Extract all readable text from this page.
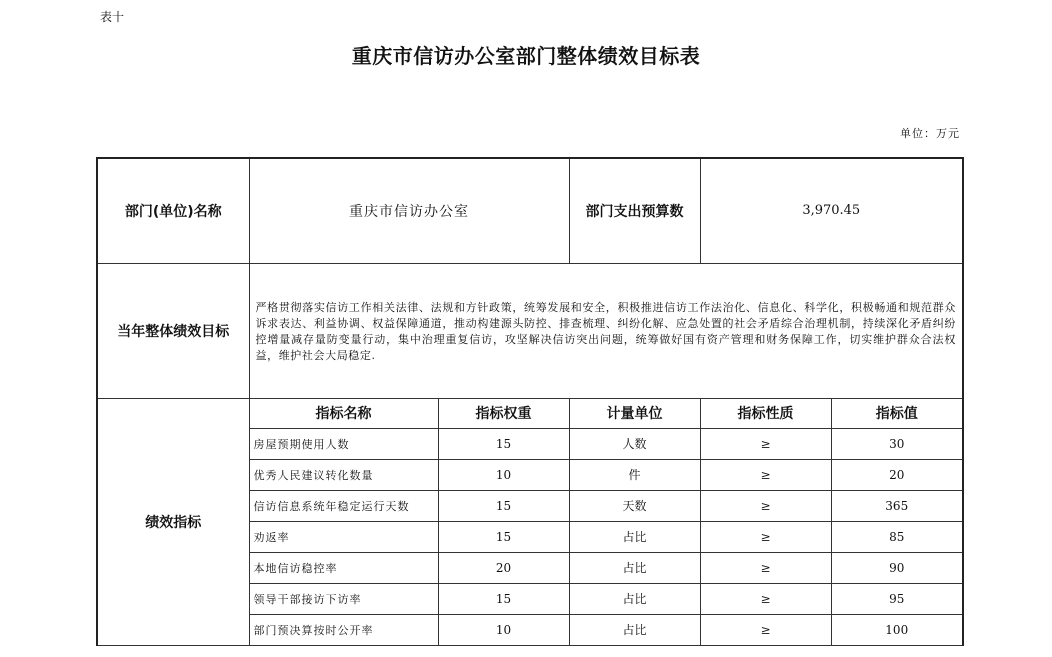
表十
重庆市信访办公室部门整体绩效目标表
单位：万元
部门(单位)名称	重庆市信访办公室		部门支出预算数	3,970.45	
当年整体绩效目标	严格贯彻落实信访工作相关法律、法规和方针政策，统筹发展和安全，积极推进信访工作法治化、信息化、科学化，积极畅通和规范群众诉求表达、利益协调、权益保障通道，推动构建源头防控、排查梳理、纠纷化解、应急处置的社会矛盾综合治理机制，持续深化矛盾纠纷控增量减存量防变量行动，集中治理重复信访，攻坚解决信访突出问题，统筹做好国有资产管理和财务保障工作，切实维护群众合法权益，维护社会大局稳定.				
绩效指标	指标名称	指标权重	计量单位	指标性质	指标值
	房屋预期使用人数	15	人数	≥	30
	优秀人民建议转化数量	10	件	≥	20
	信访信息系统年稳定运行天数	15	天数	≥	365
	劝返率	15	占比	≥	85
	本地信访稳控率	20	占比	≥	90
	领导干部接访下访率	15	占比	≥	95
	部门预决算按时公开率	10	占比	≥	100
